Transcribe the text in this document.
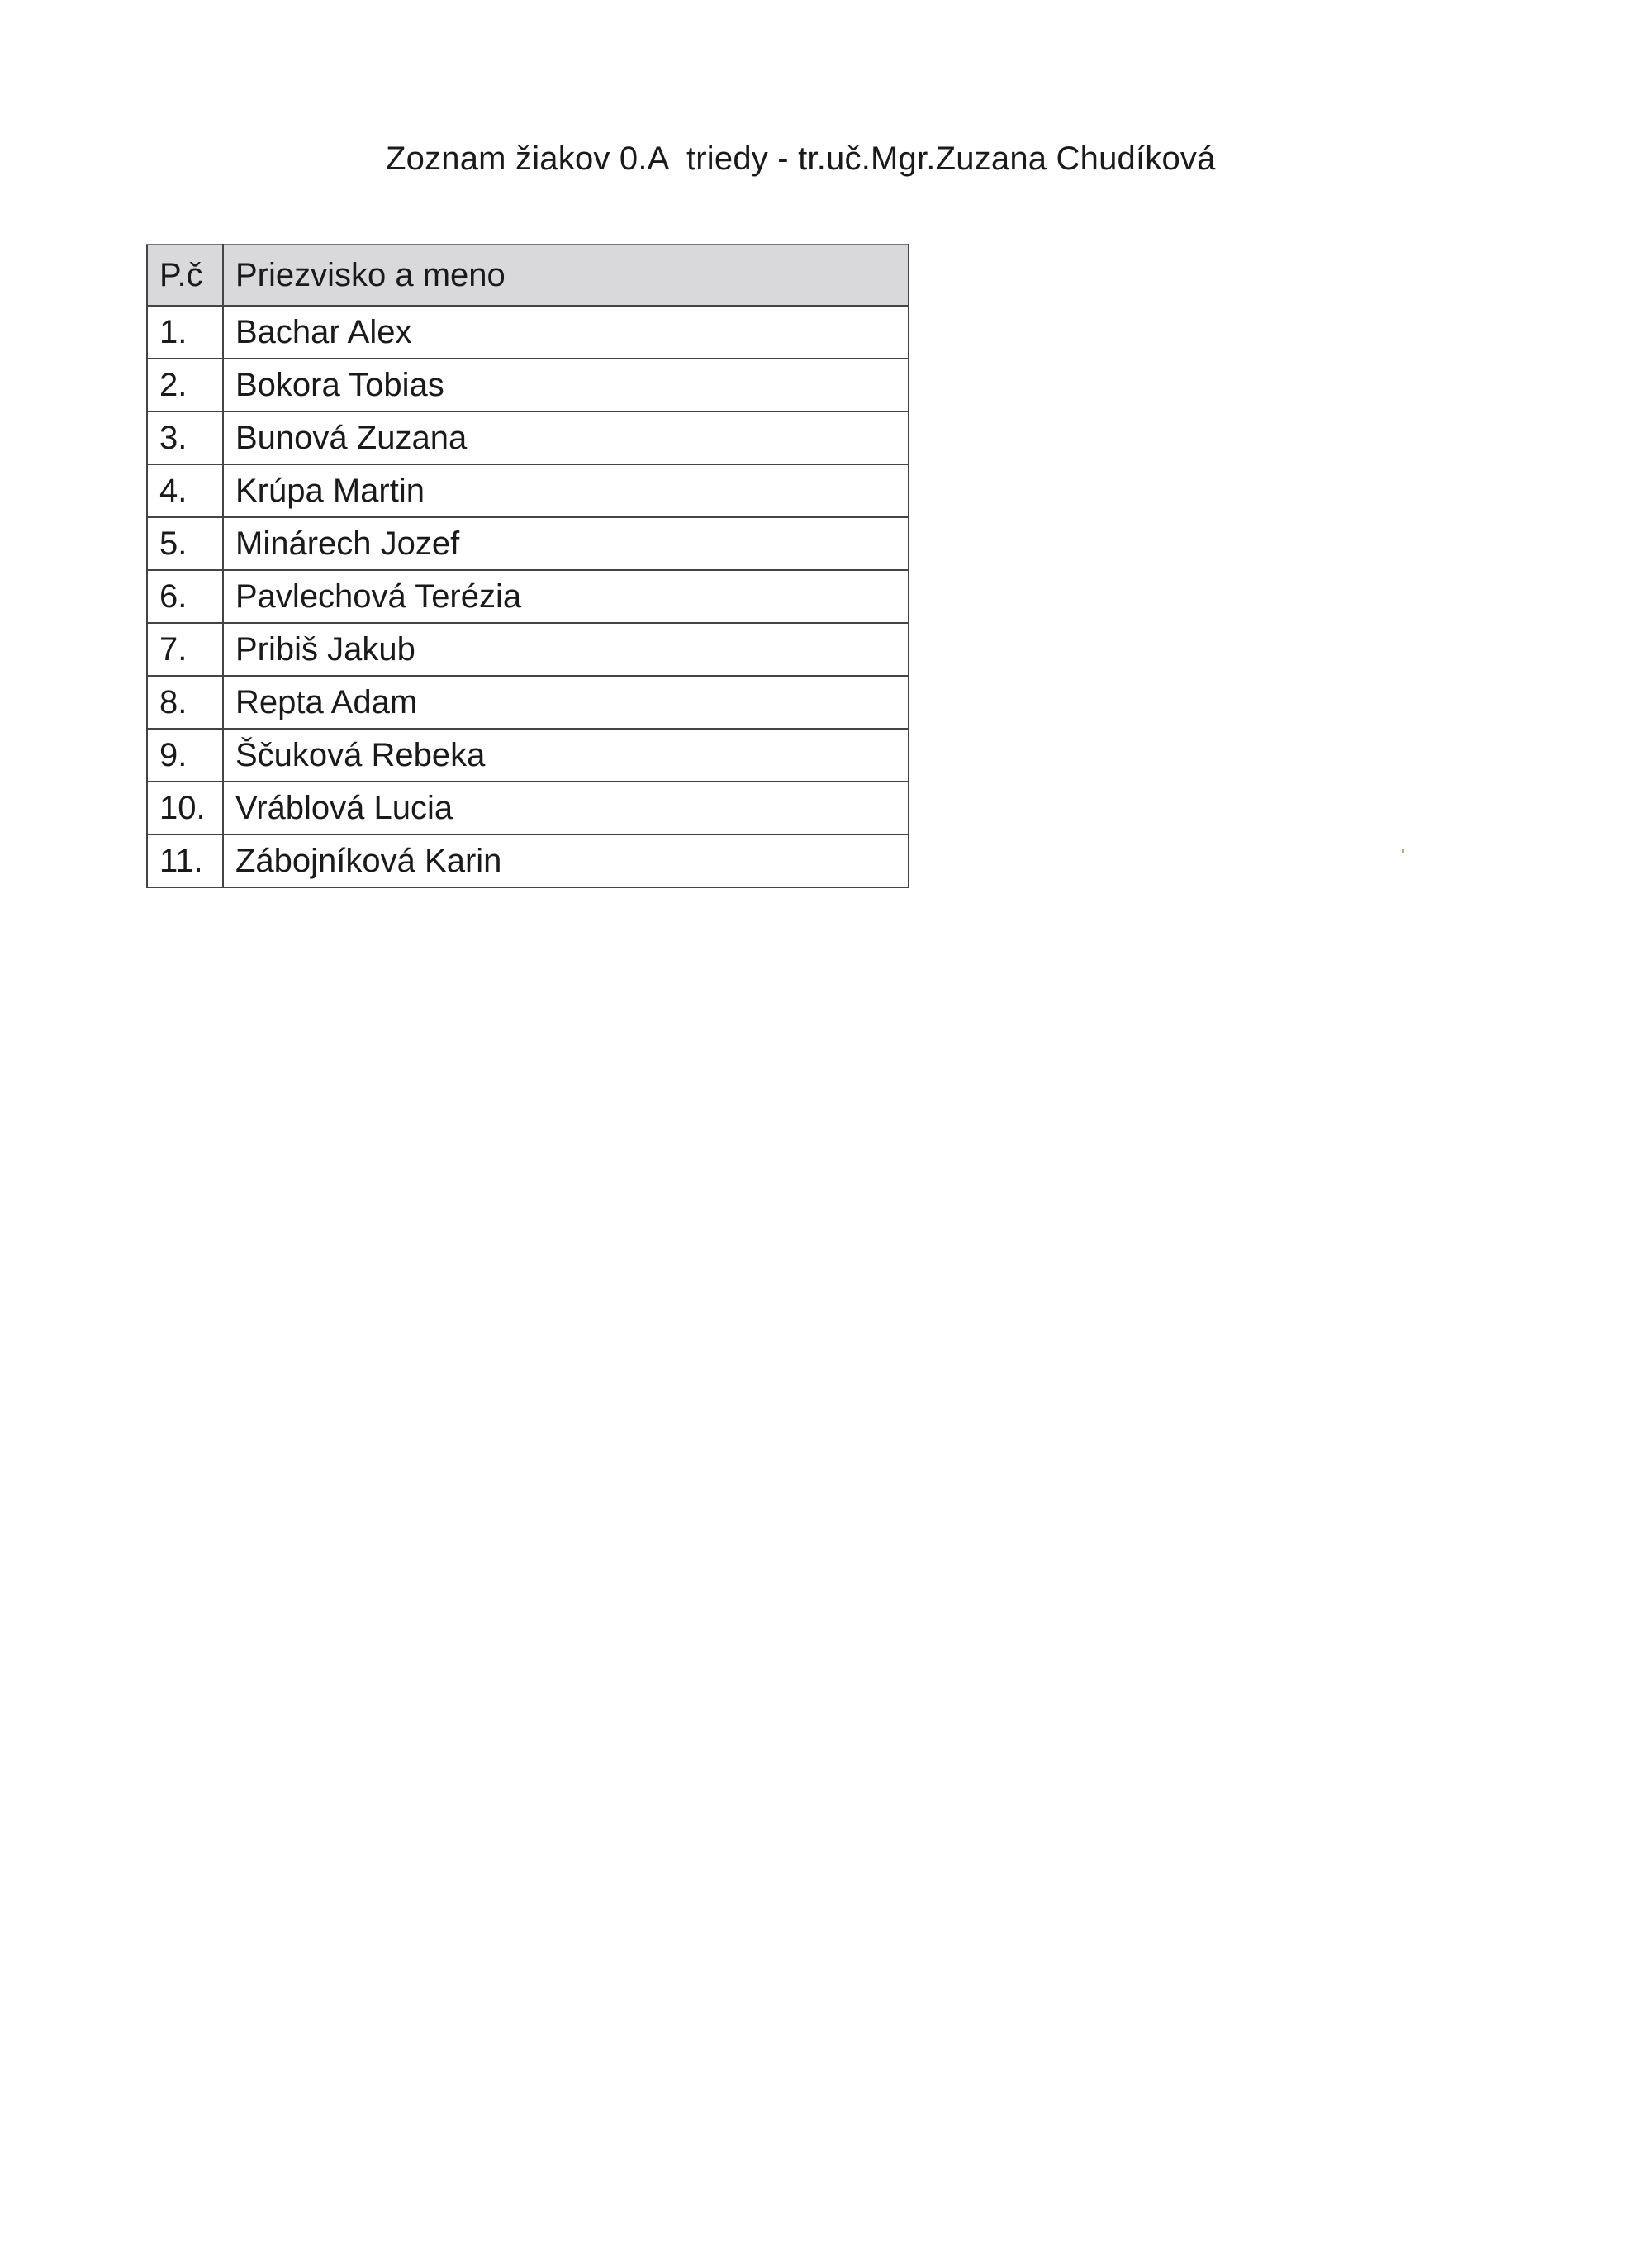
Zoznam žiakov 0.A  triedy - tr.uč.Mgr.Zuzana Chudíková
P.č	Priezvisko a meno
1.	Bachar Alex
2.	Bokora Tobias
3.	Bunová Zuzana
4.	Krúpa Martin
5.	Minárech Jozef
6.	Pavlechová Terézia
7.	Pribiš Jakub
8.	Repta Adam
9.	Ščuková Rebeka
10.	Vráblová Lucia
11.	Zábojníková Karin
